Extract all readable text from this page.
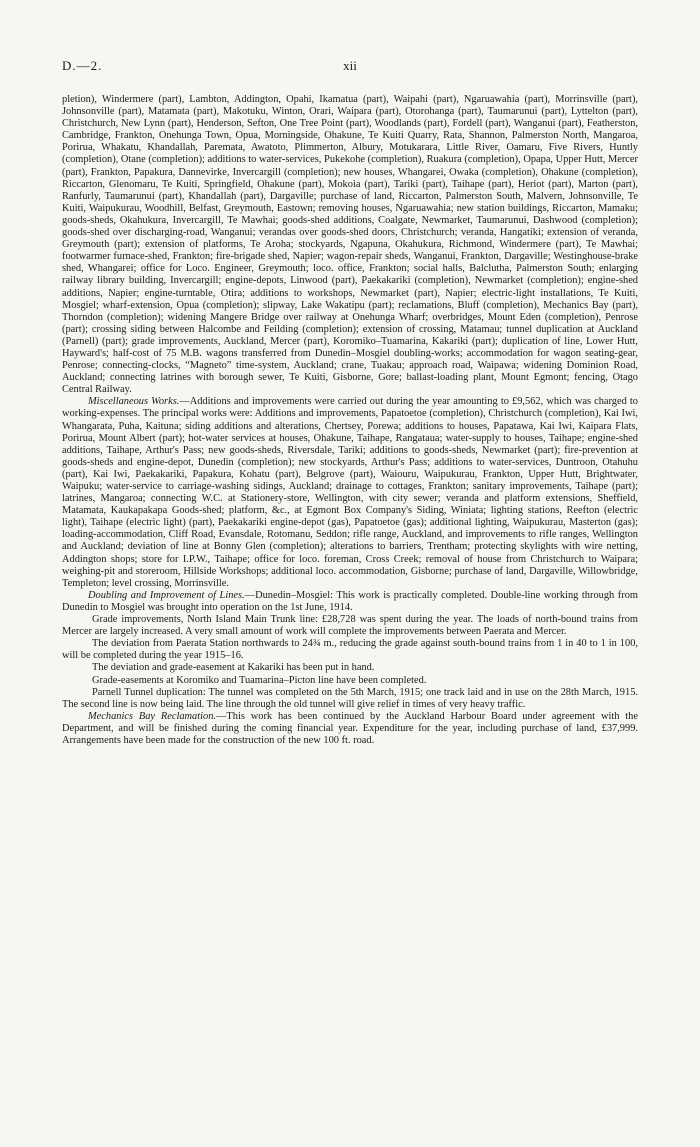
D.—2.	xii

pletion), Windermere (part), Lambton, Addington, Opahi, Ikamatua (part), Waipahi (part), Ngaruawahia (part), Morrinsville (part), Johnsonville (part), Matamata (part), Makotuku, Winton, Orari, Waipara (part), Otorohanga (part), Taumarunui (part), Lyttelton (part), Christchurch, New Lynn (part), Henderson, Sefton, One Tree Point (part), Woodlands (part), Fordell (part), Wanganui (part), Featherston, Cambridge, Frankton, Onehunga Town, Opua, Morningside, Ohakune, Te Kuiti Quarry, Rata, Shannon, Palmerston North, Mangaroa, Porirua, Whakatu, Khandallah, Paremata, Awatoto, Plimmerton, Albury, Motukarara, Little River, Oamaru, Five Rivers, Huntly (completion), Otane (completion); additions to water-services, Pukekohe (completion), Ruakura (completion), Opapa, Upper Hutt, Mercer (part), Frankton, Papakura, Dannevirke, Invercargill (completion); new houses, Whangarei, Owaka (completion), Ohakune (completion), Riccarton, Glenomaru, Te Kuiti, Springfield, Ohakune (part), Mokoia (part), Tariki (part), Taihape (part), Heriot (part), Marton (part), Ranfurly, Taumarunui (part), Khandallah (part), Dargaville; purchase of land, Riccarton, Palmerston South, Malvern, Johnsonville, Te Kuiti, Waipukurau, Woodhill, Belfast, Greymouth, Eastown; removing houses, Ngaruawahia; new station buildings, Riccarton, Mamaku; goods-sheds, Okahukura, Invercargill, Te Mawhai; goods-shed additions, Coalgate, Newmarket, Taumarunui, Dashwood (completion); goods-shed over discharging-road, Wanganui; verandas over goods-shed doors, Christchurch; veranda, Hangatiki; extension of veranda, Greymouth (part); extension of platforms, Te Aroha; stockyards, Ngapuna, Okahukura, Richmond, Windermere (part), Te Mawhai; footwarmer furnace-shed, Frankton; fire-brigade shed, Napier; wagon-repair sheds, Wanganui, Frankton, Dargaville; Westinghouse-brake shed, Whangarei; office for Loco. Engineer, Greymouth; loco. office, Frankton; social halls, Balclutha, Palmerston South; enlarging railway library building, Invercargill; engine-depots, Linwood (part), Paekakariki (completion), Newmarket (completion); engine-shed additions, Napier; engine-turntable, Otira; additions to workshops, Newmarket (part), Napier; electric-light installations, Te Kuiti, Mosgiel; wharf-extension, Opua (completion); slipway, Lake Wakatipu (part); reclamations, Bluff (completion), Mechanics Bay (part), Thorndon (completion); widening Mangere Bridge over railway at Onehunga Wharf; overbridges, Mount Eden (completion), Penrose (part); crossing siding between Halcombe and Feilding (completion); extension of crossing, Matamau; tunnel duplication at Auckland (Parnell) (part); grade improvements, Auckland, Mercer (part), Koromiko–Tuamarina, Kakariki (part); duplication of line, Lower Hutt, Hayward's; half-cost of 75 M.B. wagons transferred from Dunedin–Mosgiel doubling-works; accommodation for wagon seating-gear, Penrose; connecting-clocks, “Magneto” time-system, Auckland; crane, Tuakau; approach road, Waipawa; widening Dominion Road, Auckland; connecting latrines with borough sewer, Te Kuiti, Gisborne, Gore; ballast-loading plant, Mount Egmont; fencing, Otago Central Railway.

Miscellaneous Works.—Additions and improvements were carried out during the year amounting to £9,562, which was charged to working-expenses. The principal works were: Additions and improvements, Papatoetoe (completion), Christchurch (completion), Kai Iwi, Whangarata, Puha, Kaituna; siding additions and alterations, Chertsey, Porewa; additions to houses, Papatawa, Kai Iwi, Kaipara Flats, Porirua, Mount Albert (part); hot-water services at houses, Ohakune, Taihape, Rangataua; water-supply to houses, Taihape; engine-shed additions, Taihape, Arthur's Pass; new goods-sheds, Riversdale, Tariki; additions to goods-sheds, Newmarket (part); fire-prevention at goods-sheds and engine-depot, Dunedin (completion); new stockyards, Arthur's Pass; additions to water-services, Duntroon, Otahuhu (part), Kai Iwi, Paekakariki, Papakura, Kohatu (part), Belgrove (part), Waiouru, Waipukurau, Frankton, Upper Hutt, Brightwater, Waipuku; water-service to carriage-washing sidings, Auckland; drainage to cottages, Frankton; sanitary improvements, Taihape (part); latrines, Mangaroa; connecting W.C. at Stationery-store, Wellington, with city sewer; veranda and platform extensions, Sheffield, Matamata, Kaukapakapa Goods-shed; platform, &c., at Egmont Box Company's Siding, Winiata; lighting stations, Reefton (electric light), Taihape (electric light) (part), Paekakariki engine-depot (gas), Papatoetoe (gas); additional lighting, Waipukurau, Masterton (gas); loading-accommodation, Cliff Road, Evansdale, Rotomanu, Seddon; rifle range, Auckland, and improvements to rifle ranges, Wellington and Auckland; deviation of line at Bonny Glen (completion); alterations to barriers, Trentham; protecting skylights with wire netting, Addington shops; store for I.P.W., Taihape; office for loco. foreman, Cross Creek; removal of house from Christchurch to Waipara; weighing-pit and storeroom, Hillside Workshops; additional loco. accommodation, Gisborne; purchase of land, Dargaville, Willowbridge, Templeton; level crossing, Morrinsville.

Doubling and Improvement of Lines.—Dunedin–Mosgiel: This work is practically completed. Double-line working through from Dunedin to Mosgiel was brought into operation on the 1st June, 1914.

Grade improvements, North Island Main Trunk line: £28,728 was spent during the year. The loads of north-bound trains from Mercer are largely increased. A very small amount of work will complete the improvements between Paerata and Mercer.

The deviation from Paerata Station northwards to 24¾ m., reducing the grade against south-bound trains from 1 in 40 to 1 in 100, will be completed during the year 1915–16.

The deviation and grade-easement at Kakariki has been put in hand.

Grade-easements at Koromiko and Tuamarina–Picton line have been completed.

Parnell Tunnel duplication: The tunnel was completed on the 5th March, 1915; one track laid and in use on the 28th March, 1915. The second line is now being laid. The line through the old tunnel will give relief in times of very heavy traffic.

Mechanics Bay Reclamation.—This work has been continued by the Auckland Harbour Board under agreement with the Department, and will be finished during the coming financial year. Expenditure for the year, including purchase of land, £37,999. Arrangements have been made for the construction of the new 100 ft. road.
